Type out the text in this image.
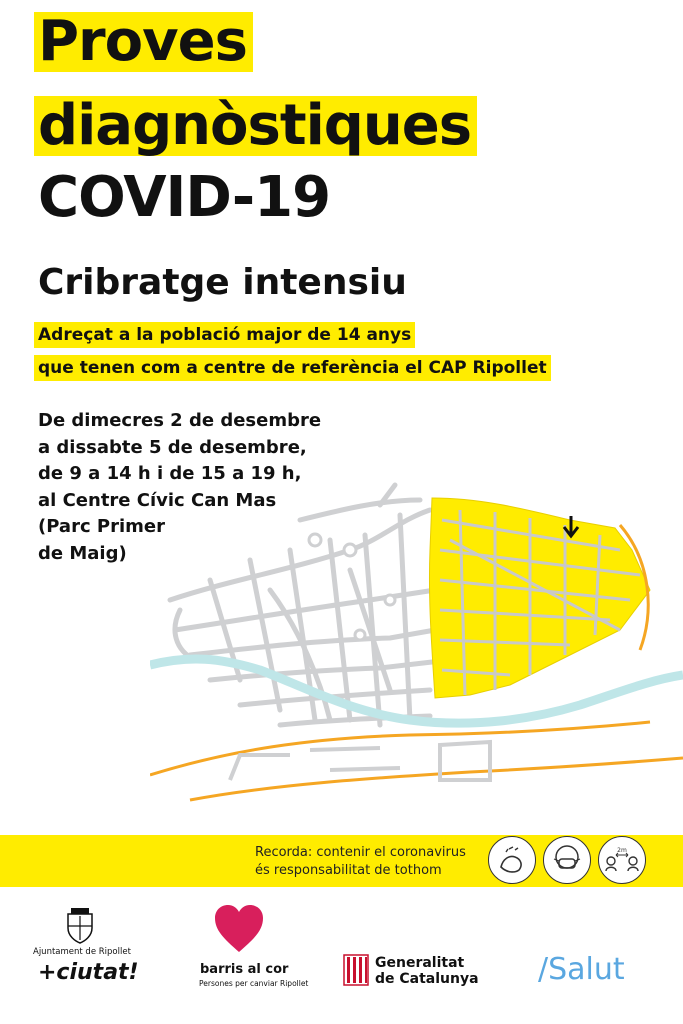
Proves
diagnòstiques
COVID-19
Cribratge intensiu
Adreçat a la població major de 14 anys
que tenen com a centre de referència el CAP Ripollet
De dimecres 2 de desembre
a dissabte 5 de desembre,
de 9 a 14 h i de 15 a 19 h,
al Centre Cívic Can Mas
(Parc Primer
de Maig)
Recorda: contenir el coronavirus
és responsabilitat de tothom
2m
Ajuntament de Ripollet
+ciutat!	barris al cor
Persones per canviar Ripollet
Generalitat
de Catalunya /Salut
